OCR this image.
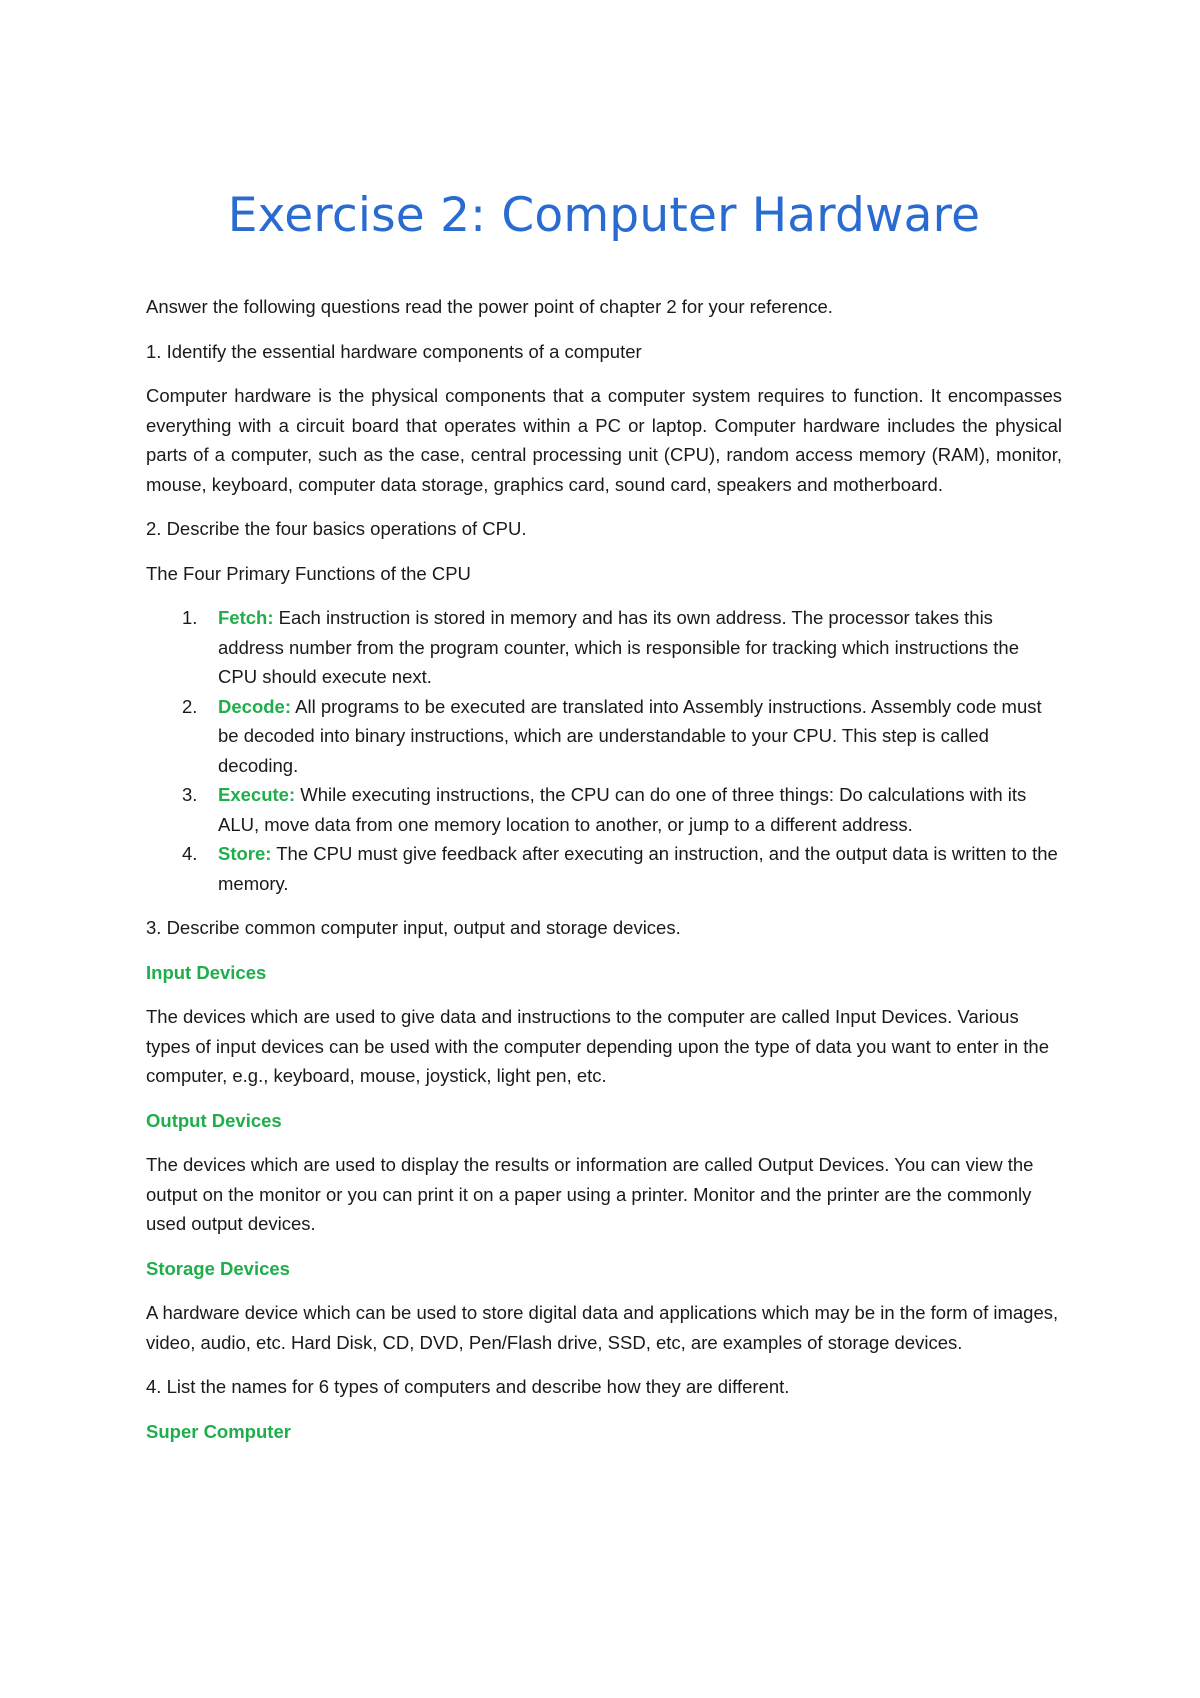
Exercise 2: Computer Hardware

Answer the following questions read the power point of chapter 2 for your reference.

1. Identify the essential hardware components of a computer

Computer hardware is the physical components that a computer system requires to function. It encompasses everything with a circuit board that operates within a PC or laptop. Computer hardware includes the physical parts of a computer, such as the case, central processing unit (CPU), random access memory (RAM), monitor, mouse, keyboard, computer data storage, graphics card, sound card, speakers and motherboard.

2. Describe the four basics operations of CPU.

The Four Primary Functions of the CPU

1. Fetch: Each instruction is stored in memory and has its own address. The processor takes this address number from the program counter, which is responsible for tracking which instructions the CPU should execute next.
2. Decode: All programs to be executed are translated into Assembly instructions. Assembly code must be decoded into binary instructions, which are understandable to your CPU. This step is called decoding.
3. Execute: While executing instructions, the CPU can do one of three things: Do calculations with its ALU, move data from one memory location to another, or jump to a different address.
4. Store: The CPU must give feedback after executing an instruction, and the output data is written to the memory.

3. Describe common computer input, output and storage devices.

Input Devices

The devices which are used to give data and instructions to the computer are called Input Devices. Various types of input devices can be used with the computer depending upon the type of data you want to enter in the computer, e.g., keyboard, mouse, joystick, light pen, etc.

Output Devices

The devices which are used to display the results or information are called Output Devices. You can view the output on the monitor or you can print it on a paper using a printer. Monitor and the printer are the commonly used output devices.

Storage Devices

A hardware device which can be used to store digital data and applications which may be in the form of images, video, audio, etc. Hard Disk, CD, DVD, Pen/Flash drive, SSD, etc, are examples of storage devices.

4. List the names for 6 types of computers and describe how they are different.

Super Computer
